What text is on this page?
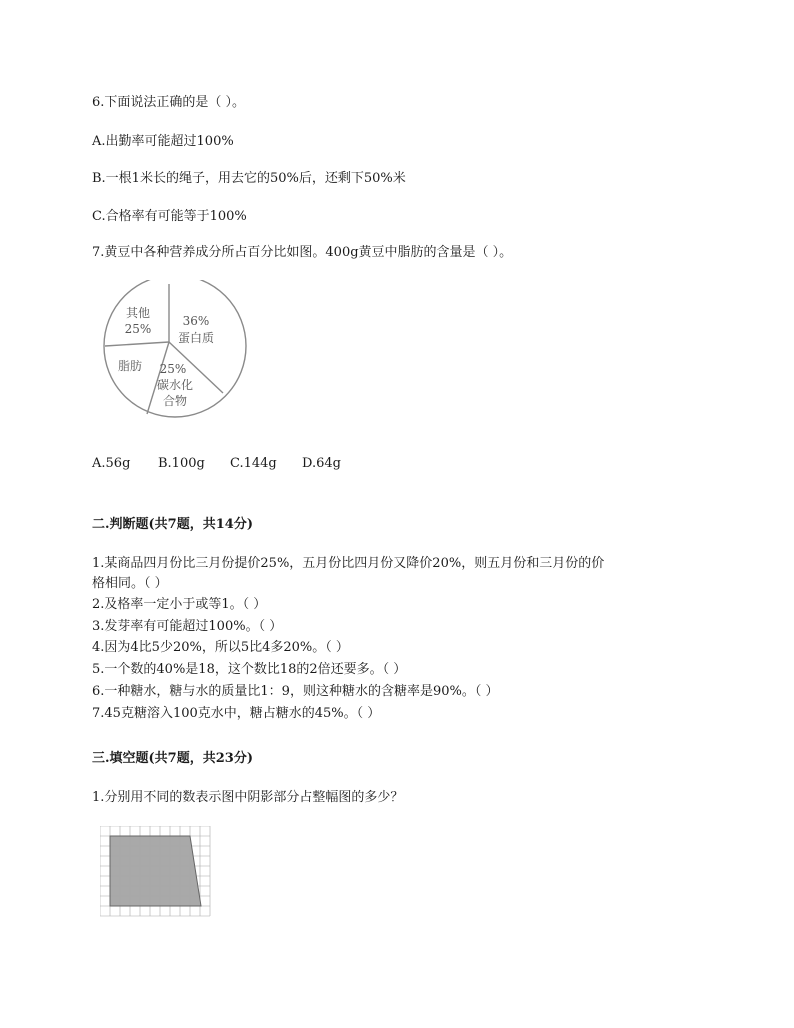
6.下面说法正确的是（ ）。
A.出勤率可能超过100%
B.一根1米长的绳子，用去它的50%后，还剩下50%米
C.合格率有可能等于100%
7.黄豆中各种营养成分所占百分比如图。400g黄豆中脂肪的含量是（ ）。
其他
25%
36%
蛋白质
脂肪 25%
碳水化
合物
A.56g	B.100g	C.144g	D.64g
二.判断题(共7题，共14分)
1.某商品四月份比三月份提价25%，五月份比四月份又降价20%，则五月份和三月份的价
格相同。（ ）
2.及格率一定小于或等1。（ ）
3.发芽率有可能超过100%。（ ）
4.因为4比5少20%，所以5比4多20%。（ ）
5.一个数的40%是18，这个数比18的2倍还要多。（ ）
6.一种糖水，糖与水的质量比1：9，则这种糖水的含糖率是90%。（ ）
7.45克糖溶入100克水中，糖占糖水的45%。（ ）
三.填空题(共7题，共23分)
1.分别用不同的数表示图中阴影部分占整幅图的多少？
